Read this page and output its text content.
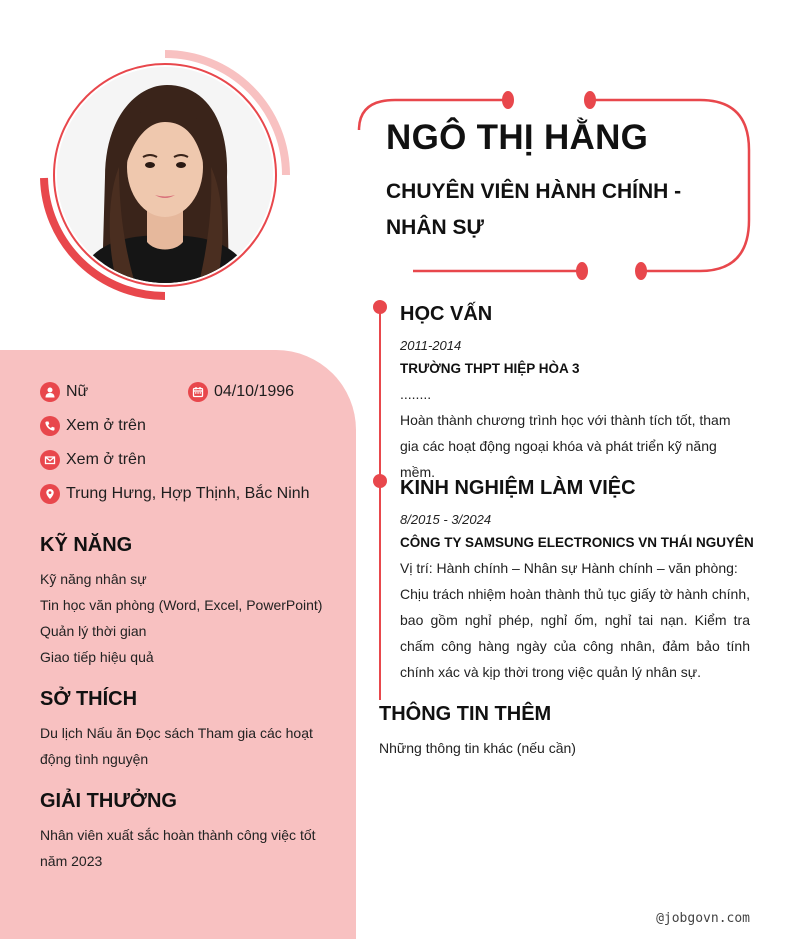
NGÔ THỊ HẰNG
CHUYÊN VIÊN HÀNH CHÍNH - NHÂN SỰ
Nữ	04/10/1996
Xem ở trên
Xem ở trên
Trung Hưng, Hợp Thịnh, Bắc Ninh
KỸ NĂNG
Kỹ năng nhân sự
Tin học văn phòng (Word, Excel, PowerPoint)
Quản lý thời gian
Giao tiếp hiệu quả
SỞ THÍCH
Du lịch Nấu ăn Đọc sách Tham gia các hoạt động tình nguyện
GIẢI THƯỞNG
Nhân viên xuất sắc hoàn thành công việc tốt năm 2023
HỌC VẤN
2011-2014
TRƯỜNG THPT HIỆP HÒA 3
........
Hoàn thành chương trình học với thành tích tốt, tham gia các hoạt động ngoại khóa và phát triển kỹ năng mềm.
KINH NGHIỆM LÀM VIỆC
8/2015 - 3/2024
CÔNG TY SAMSUNG ELECTRONICS VN THÁI NGUYÊN
Vị trí: Hành chính – Nhân sự Hành chính – văn phòng:
Chịu trách nhiệm hoàn thành thủ tục giấy tờ hành chính, bao gồm nghỉ phép, nghỉ ốm, nghỉ tai nạn. Kiểm tra chấm công hàng ngày của công nhân, đảm bảo tính chính xác và kịp thời trong việc quản lý nhân sự.
THÔNG TIN THÊM
Những thông tin khác (nếu cần)
@jobgovn.com
